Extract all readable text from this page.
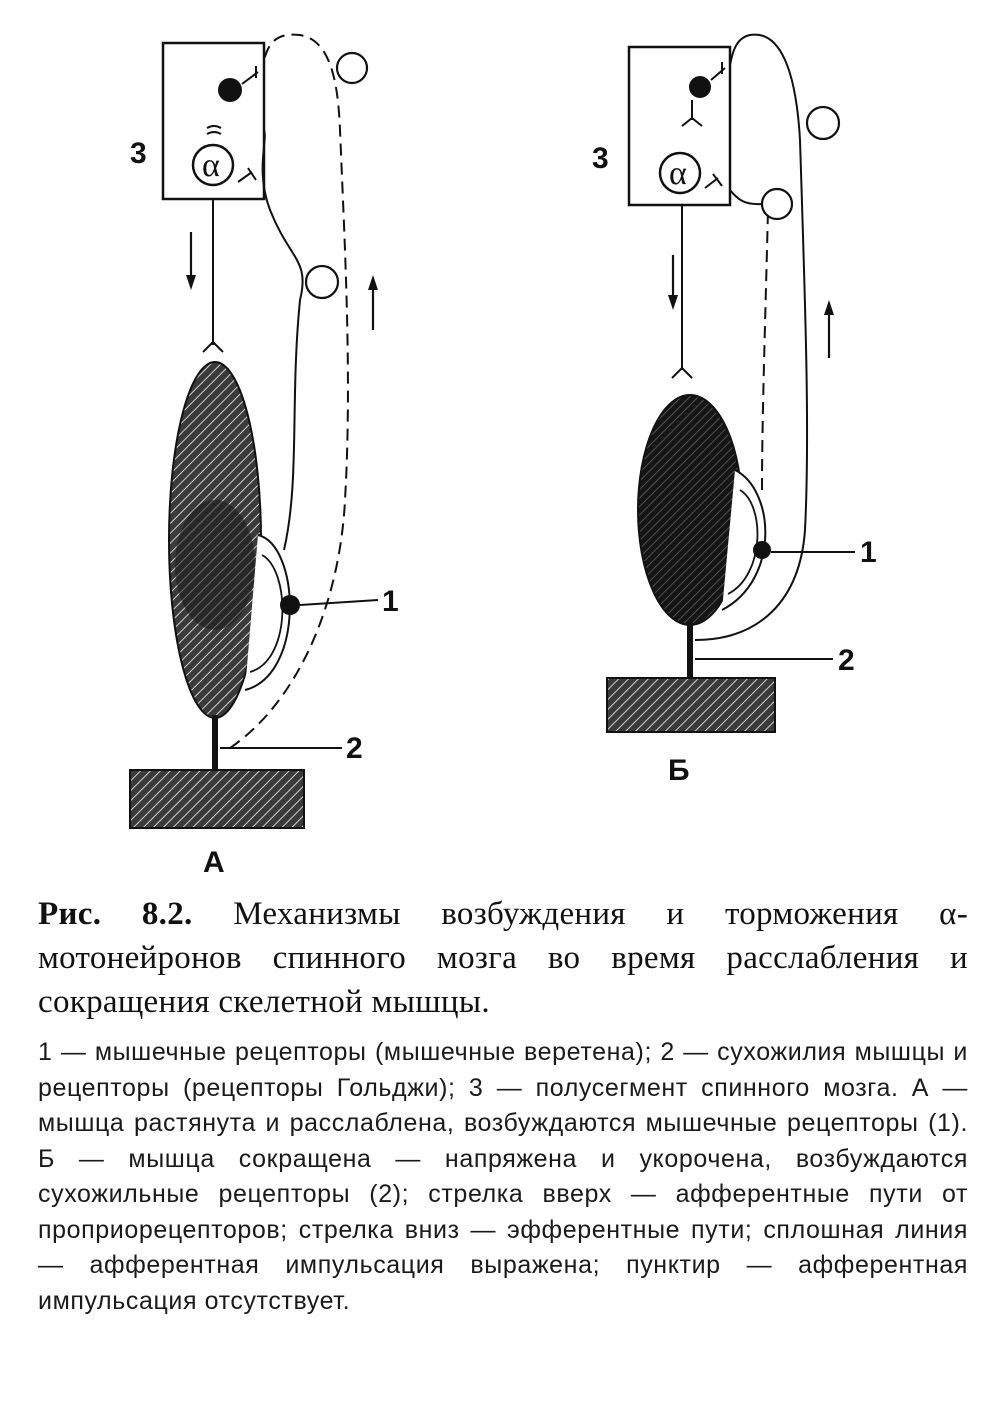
3 α
1
2
А
3 α
1
2
Б
Рис. 8.2. Механизмы возбуждения и торможения α-мотонейронов спинного мозга во время расслабления и сокращения скелетной мышцы.
1 — мышечные рецепторы (мышечные веретена); 2 — сухожилия мышцы и рецепторы (рецепторы Гольджи); 3 — полусегмент спинного мозга. А — мышца растянута и расслаблена, возбуждаются мышечные рецепторы (1). Б — мышца сокращена — напряжена и укорочена, возбуждаются сухожильные рецепторы (2); стрелка вверх — афферентные пути от проприорецепторов; стрелка вниз — эфферентные пути; сплошная линия — афферентная импульсация выражена; пунктир — афферентная импульсация отсутствует.
